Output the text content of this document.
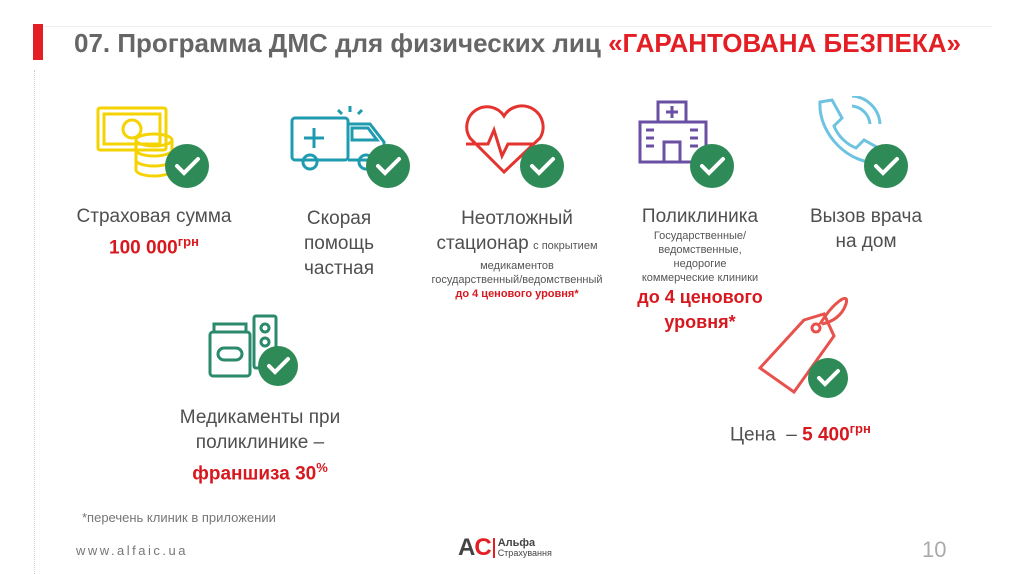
07. Программа ДМС для физических лиц «ГАРАНТОВАНА БЕЗПЕКА»
Страховая сумма
100 $000^{грн}$
Скорая
помощь
частная
Неотложный
стационар с покрытием
медикаментов
государственный/ведомственный
до 4 ценового уровня*
Поликлиника
Государственные/
ведомственные,
недорогие
коммерческие клиники
до 4 ценового
уровня*
Вызов врача
на дом
Медикаменты при
поликлинике –
франшиза 30%
Цена  – 5 $400^{грн}$
*перечень клиник в приложении
www.alfaic.ua	AC Альфа
Страхування	10
